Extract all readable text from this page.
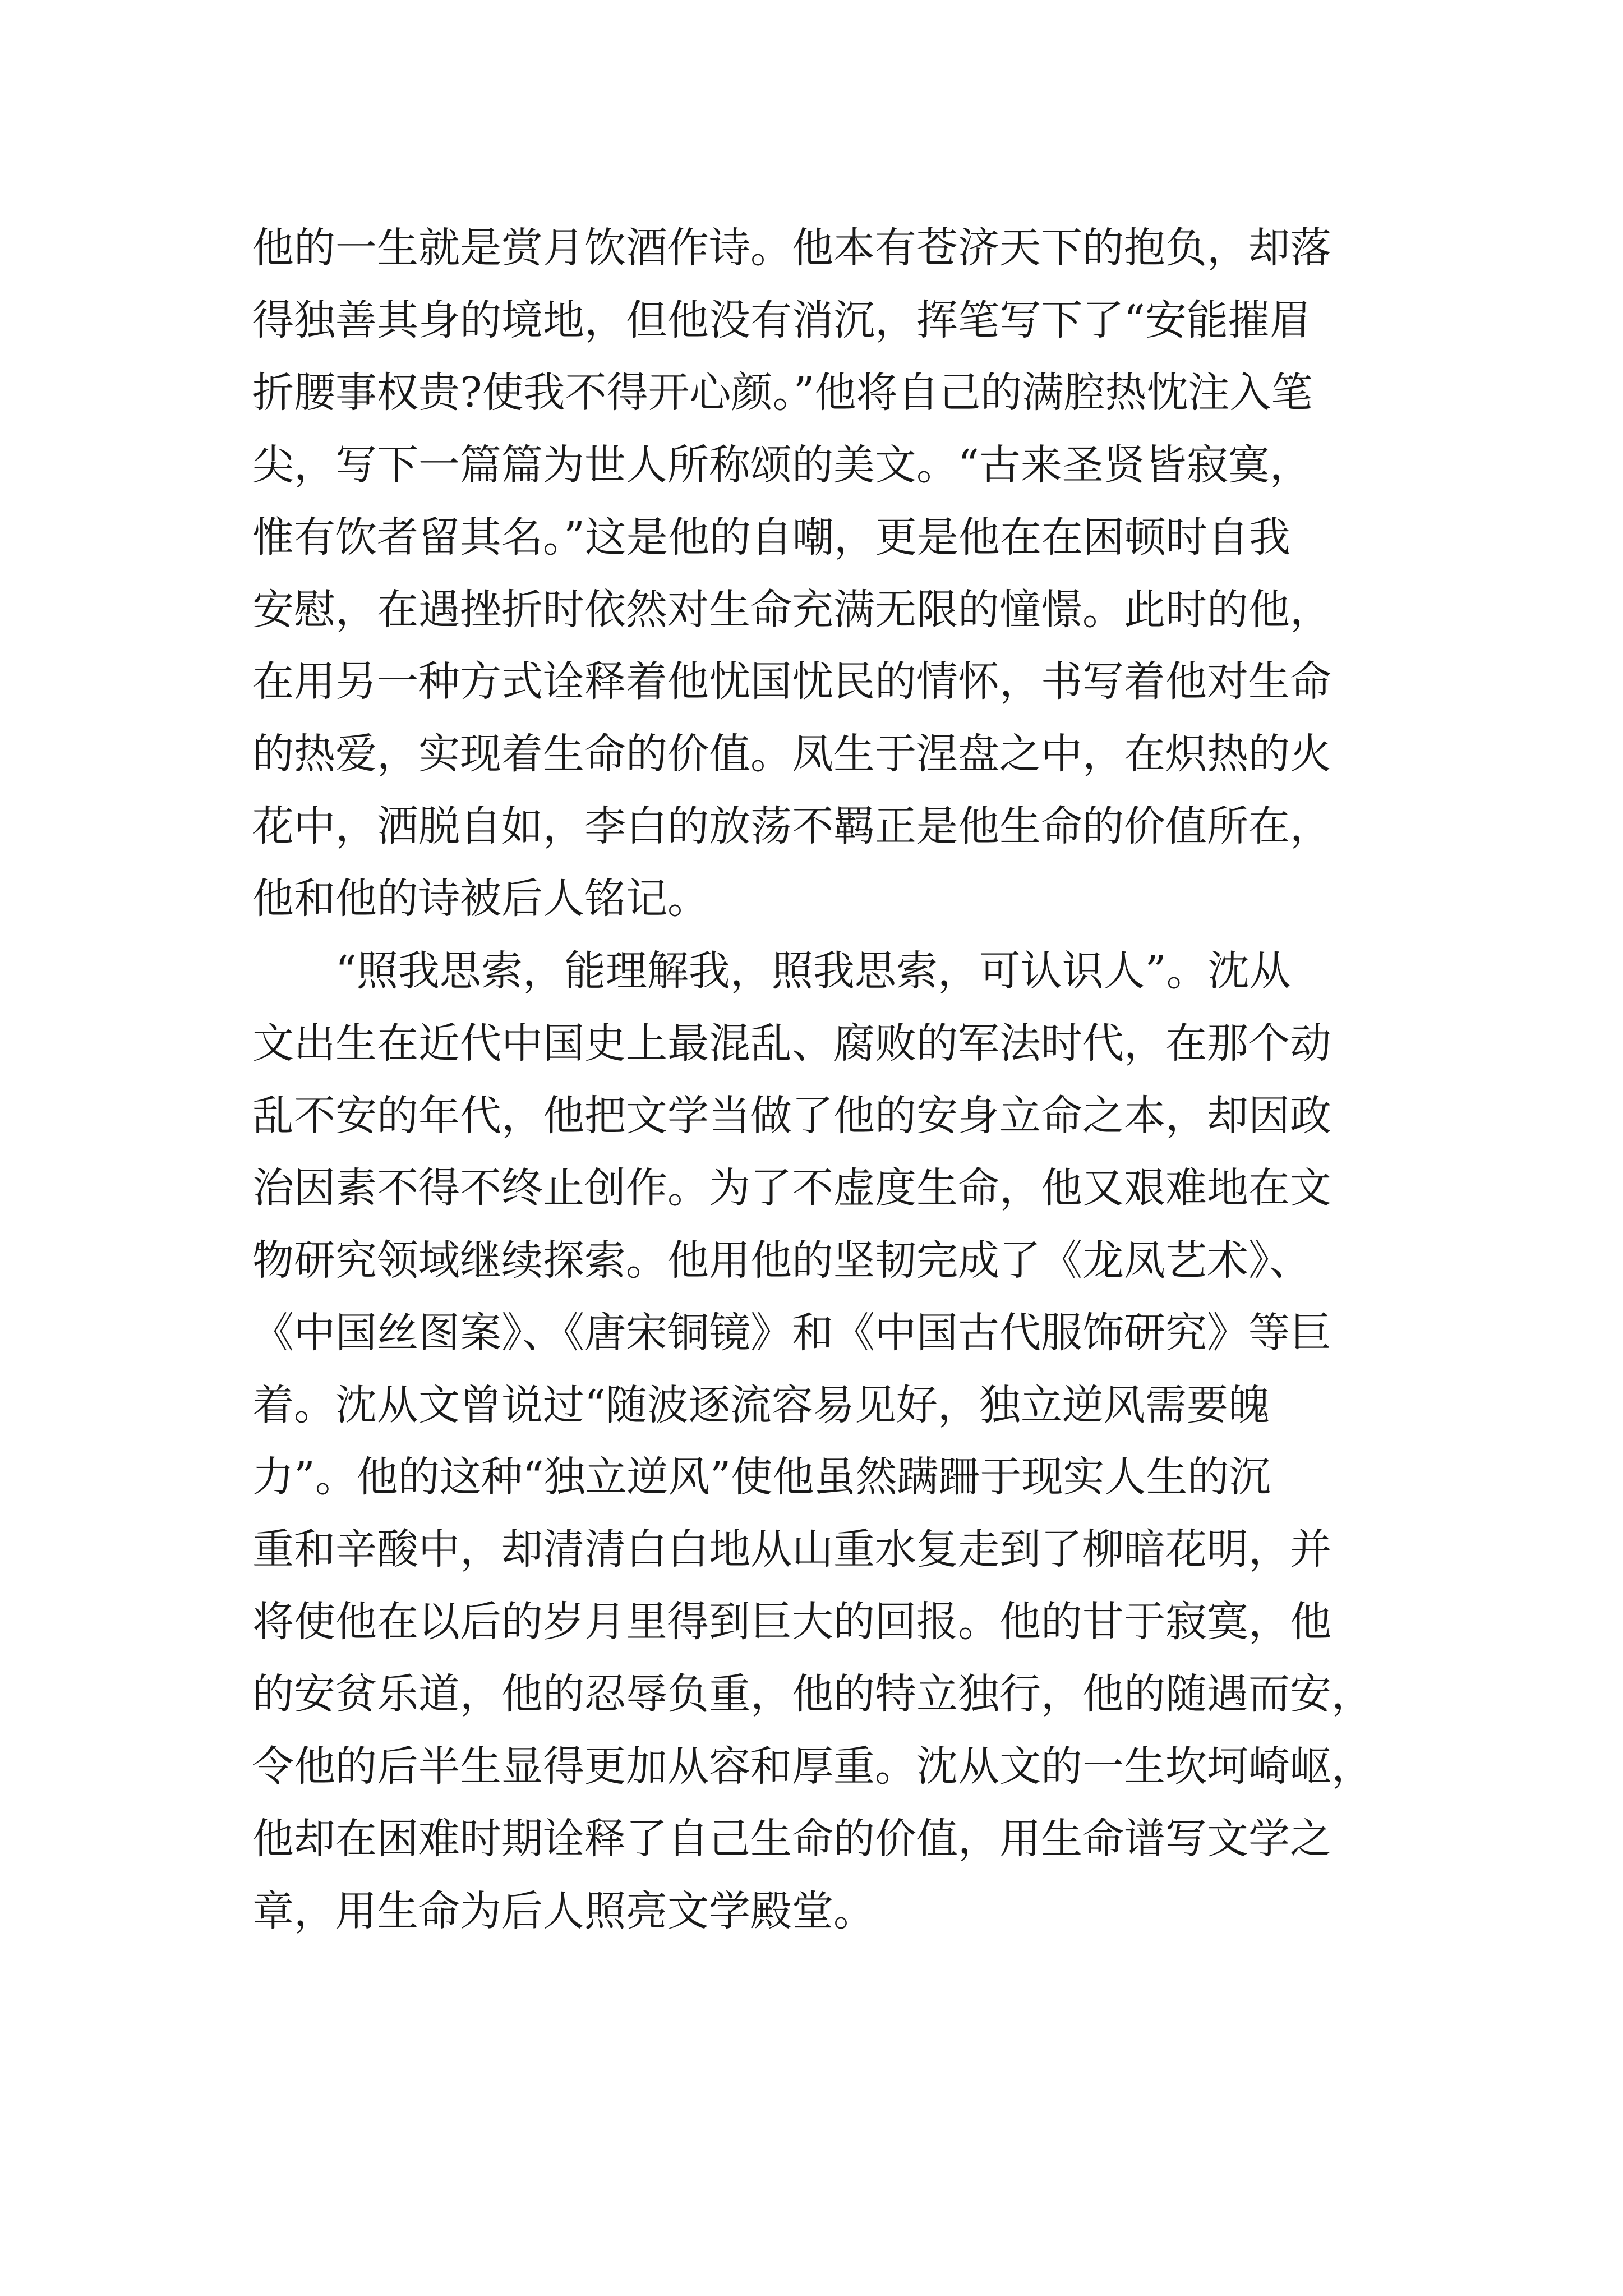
他的一生就是赏月饮酒作诗。他本有苍济天下的抱负，却落
得独善其身的境地，但他没有消沉，挥笔写下了“安能摧眉
折腰事权贵?使我不得开心颜。”他将自己的满腔热忱注入笔
尖，写下一篇篇为世人所称颂的美文。“古来圣贤皆寂寞，
惟有饮者留其名。”这是他的自嘲，更是他在在困顿时自我
安慰，在遇挫折时依然对生命充满无限的憧憬。此时的他，
在用另一种方式诠释着他忧国忧民的情怀，书写着他对生命
的热爱，实现着生命的价值。凤生于涅盘之中，在炽热的火
花中，洒脱自如，李白的放荡不羁正是他生命的价值所在，
他和他的诗被后人铭记。

“照我思索，能理解我，照我思索，可认识人”。沈从
文出生在近代中国史上最混乱、腐败的军法时代，在那个动
乱不安的年代，他把文学当做了他的安身立命之本，却因政
治因素不得不终止创作。为了不虚度生命，他又艰难地在文
物研究领域继续探索。他用他的坚韧完成了《龙凤艺术》、
《中国丝图案》、《唐宋铜镜》和《中国古代服饰研究》等巨
着。沈从文曾说过“随波逐流容易见好，独立逆风需要魄
力”。他的这种“独立逆风”使他虽然蹒跚于现实人生的沉
重和辛酸中，却清清白白地从山重水复走到了柳暗花明，并
将使他在以后的岁月里得到巨大的回报。他的甘于寂寞，他
的安贫乐道，他的忍辱负重，他的特立独行，他的随遇而安，
令他的后半生显得更加从容和厚重。沈从文的一生坎坷崎岖，
他却在困难时期诠释了自己生命的价值，用生命谱写文学之
章，用生命为后人照亮文学殿堂。
